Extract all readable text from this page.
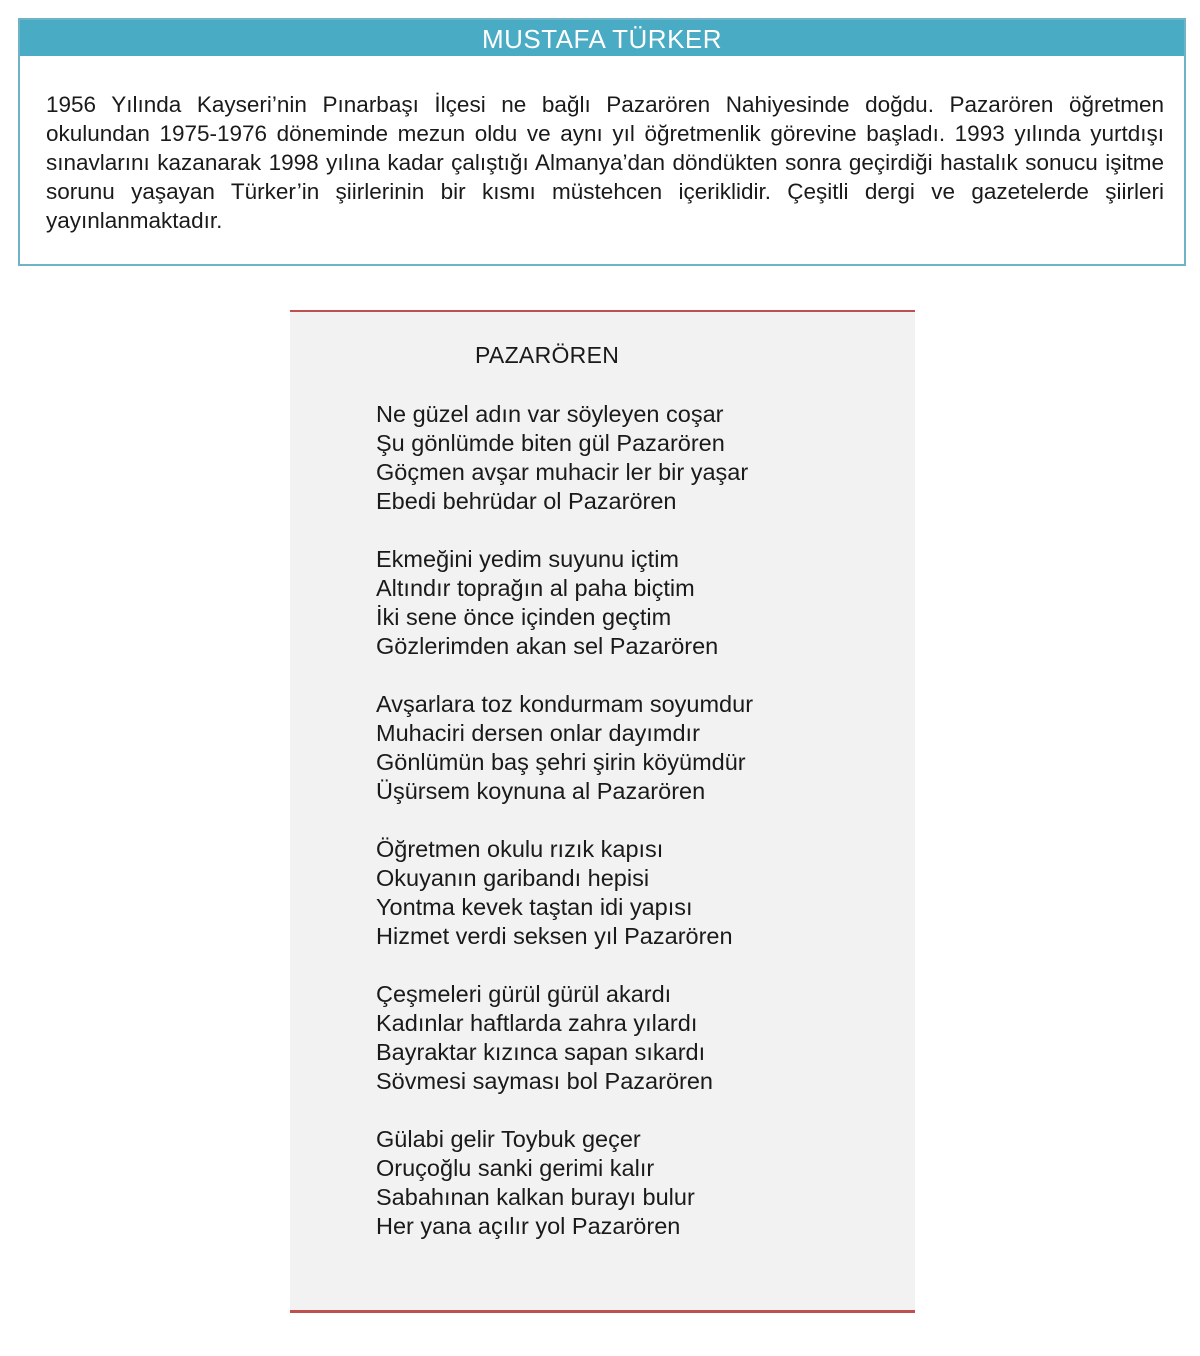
MUSTAFA TÜRKER

1956 Yılında Kayseri’nin Pınarbaşı İlçesi ne bağlı Pazarören Nahiyesinde doğdu. Pazarören öğretmen okulundan 1975-1976 döneminde mezun oldu ve aynı yıl öğretmenlik görevine başladı. 1993 yılında yurtdışı sınavlarını kazanarak 1998 yılına kadar çalıştığı Almanya’dan döndükten sonra geçirdiği hastalık sonucu işitme sorunu yaşayan Türker’in şiirlerinin bir kısmı müstehcen içeriklidir. Çeşitli dergi ve gazetelerde şiirleri yayınlanmaktadır.

PAZARÖREN
Ne güzel adın var söyleyen coşar
Şu gönlümde biten gül Pazarören
Göçmen avşar muhacir ler bir yaşar
Ebedi behrüdar ol Pazarören
Ekmeğini yedim suyunu içtim
Altındır toprağın al paha biçtim
İki sene önce içinden geçtim
Gözlerimden akan sel Pazarören
Avşarlara toz kondurmam soyumdur
Muhaciri dersen onlar dayımdır
Gönlümün baş şehri şirin köyümdür
Üşürsem koynuna al Pazarören
Öğretmen okulu rızık kapısı
Okuyanın garibandı hepisi
Yontma kevek taştan idi yapısı
Hizmet verdi seksen yıl Pazarören
Çeşmeleri gürül gürül akardı
Kadınlar haftlarda zahra yılardı
Bayraktar kızınca sapan sıkardı
Sövmesi sayması bol Pazarören
Gülabi gelir Toybuk geçer
Oruçoğlu sanki gerimi kalır
Sabahınan kalkan burayı bulur
Her yana açılır yol Pazarören
